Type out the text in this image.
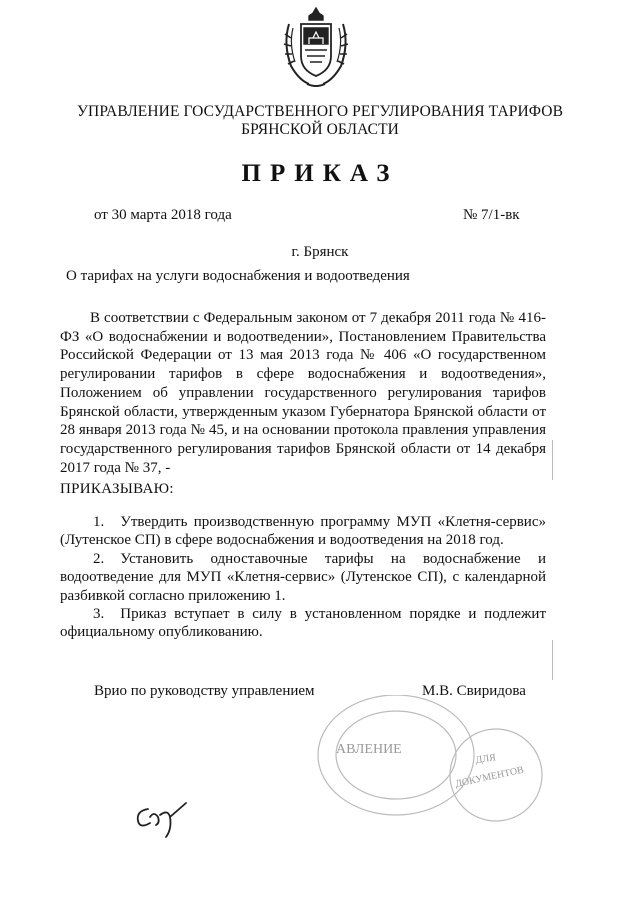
УПРАВЛЕНИЕ ГОСУДАРСТВЕННОГО РЕГУЛИРОВАНИЯ ТАРИФОВ
БРЯНСКОЙ ОБЛАСТИ
ПРИКАЗ
от 30 марта 2018 года	№ 7/1-вк
г. Брянск
О тарифах на услуги водоснабжения и водоотведения

В соответствии с Федеральным законом от 7 декабря 2011 года № 416-ФЗ «О водоснабжении и водоотведении», Постановлением Правительства Российской Федерации от 13 мая 2013 года № 406 «О государственном регулировании тарифов в сфере водоснабжения и водоотведения», Положением об управлении государственного регулирования тарифов Брянской области, утвержденным указом Губернатора Брянской области от 28 января 2013 года № 45, и на основании протокола правления управления государственного регулирования тарифов Брянской области от 14 декабря 2017 года № 37, -

ПРИКАЗЫВАЮ:

1. Утвердить производственную программу МУП «Клетня-сервис» (Лутенское СП) в сфере водоснабжения и водоотведения на 2018 год.

2. Установить одноставочные тарифы на водоснабжение и водоотведение для МУП «Клетня-сервис» (Лутенское СП), с календарной разбивкой согласно приложению 1.

3. Приказ вступает в силу в установленном порядке и подлежит официальному опубликованию.

Врио по руководству управлением	М.В. Свиридова
АВЛЕНИЕ
ДЛЯ
ДОКУМЕНТОВ
